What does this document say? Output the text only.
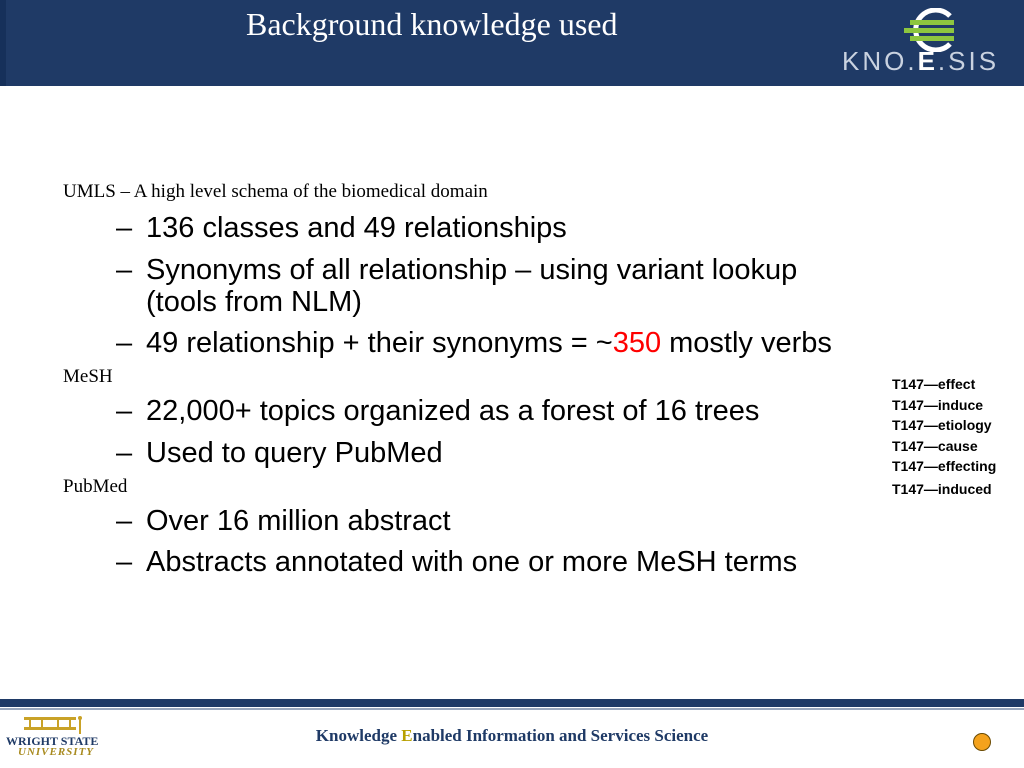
Background knowledge used
KNO.E.SIS
UMLS – A high level schema of the biomedical domain
– 136 classes and 49 relationships
– Synonyms of all relationship – using variant lookup
(tools from NLM)
– 49 relationship + their synonyms = ~350 mostly verbs
MeSH
– 22,000+ topics organized as a forest of 16 trees
– Used to query PubMed
PubMed
– Over 16 million abstract
– Abstracts annotated with one or more MeSH terms
T147—effect
T147—induce
T147—etiology
T147—cause
T147—effecting
T147—induced
WRIGHT STATE
UNIVERSITY
Knowledge Enabled Information and Services Science
